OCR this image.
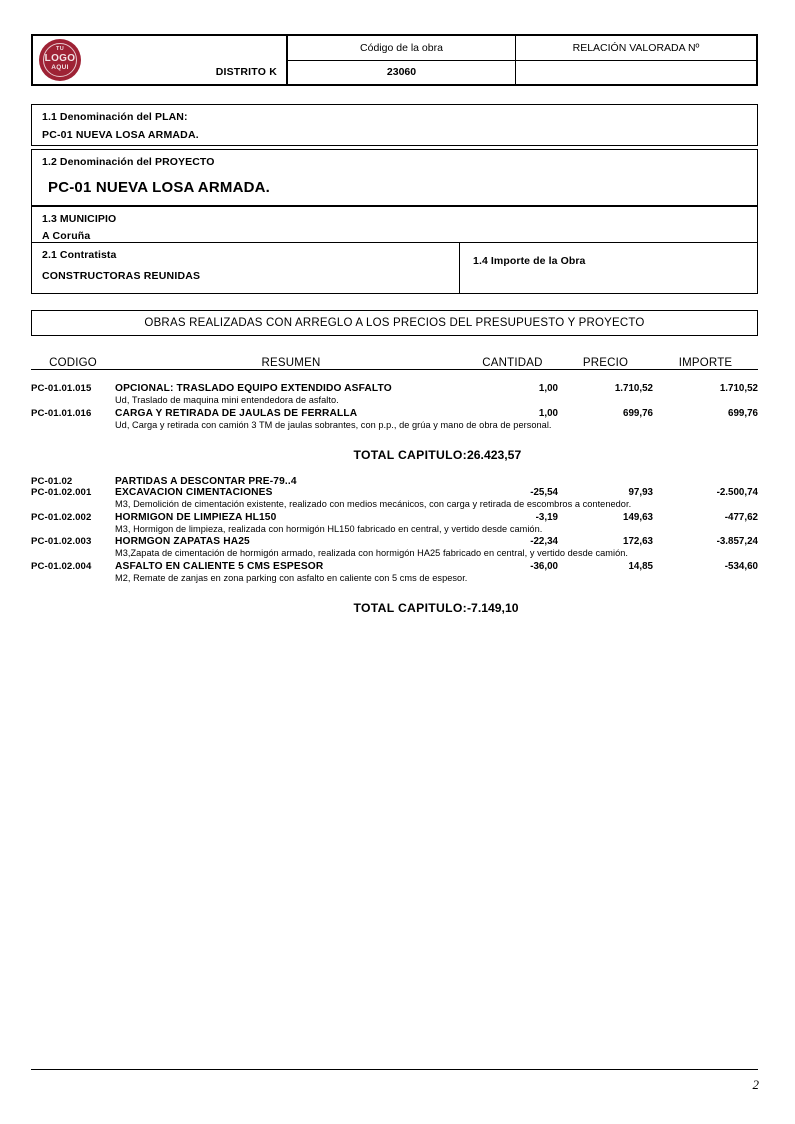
TU
LOGO
AQUI	DISTRITO K
Código de la obra	RELACIÓN VALORADA Nº
23060
1.1 Denominación del PLAN:
PC-01 NUEVA LOSA ARMADA.
1.2 Denominación del PROYECTO
PC-01 NUEVA LOSA ARMADA.
1.3 MUNICIPIO
A Coruña
2.1 Contratista
CONSTRUCTORAS REUNIDAS
1.4 Importe de la Obra
OBRAS REALIZADAS CON ARREGLO A LOS PRECIOS DEL PRESUPUESTO Y PROYECTO
CODIGO	RESUMEN	CANTIDAD	PRECIO	IMPORTE

PC-01.01.015	OPCIONAL: TRASLADO EQUIPO EXTENDIDO ASFALTO	1,00	1.710,52	1.710,52
	Ud, Traslado de maquina mini entendedora de asfalto.			
PC-01.01.016	CARGA Y RETIRADA DE JAULAS DE FERRALLA	1,00	699,76	699,76
	Ud, Carga y retirada con camión 3 TM de jaulas sobrantes, con p.p., de grúa y mano de obra de personal.			
	TOTAL CAPITULO:	26.423,57		

PC-01.02	PARTIDAS A DESCONTAR PRE-79..4			
PC-01.02.001	EXCAVACION CIMENTACIONES	-25,54	97,93	-2.500,74
	M3, Demolición de cimentación existente, realizado con medios mecánicos, con carga y retirada de escombros a contenedor.			
PC-01.02.002	HORMIGON DE LIMPIEZA HL150	-3,19	149,63	-477,62
	M3, Hormigon de limpieza, realizada con hormigón HL150 fabricado en central, y vertido desde camión.			
PC-01.02.003	HORMGON ZAPATAS HA25	-22,34	172,63	-3.857,24
	M3,Zapata de cimentación de hormigón armado, realizada con hormigón HA25 fabricado en central, y vertido desde camión.			
PC-01.02.004	ASFALTO EN CALIENTE 5 CMS ESPESOR	-36,00	14,85	-534,60
	M2, Remate de zanjas en zona parking con asfalto en caliente con 5 cms de espesor.			
	TOTAL CAPITULO:	-7.149,10		
2
